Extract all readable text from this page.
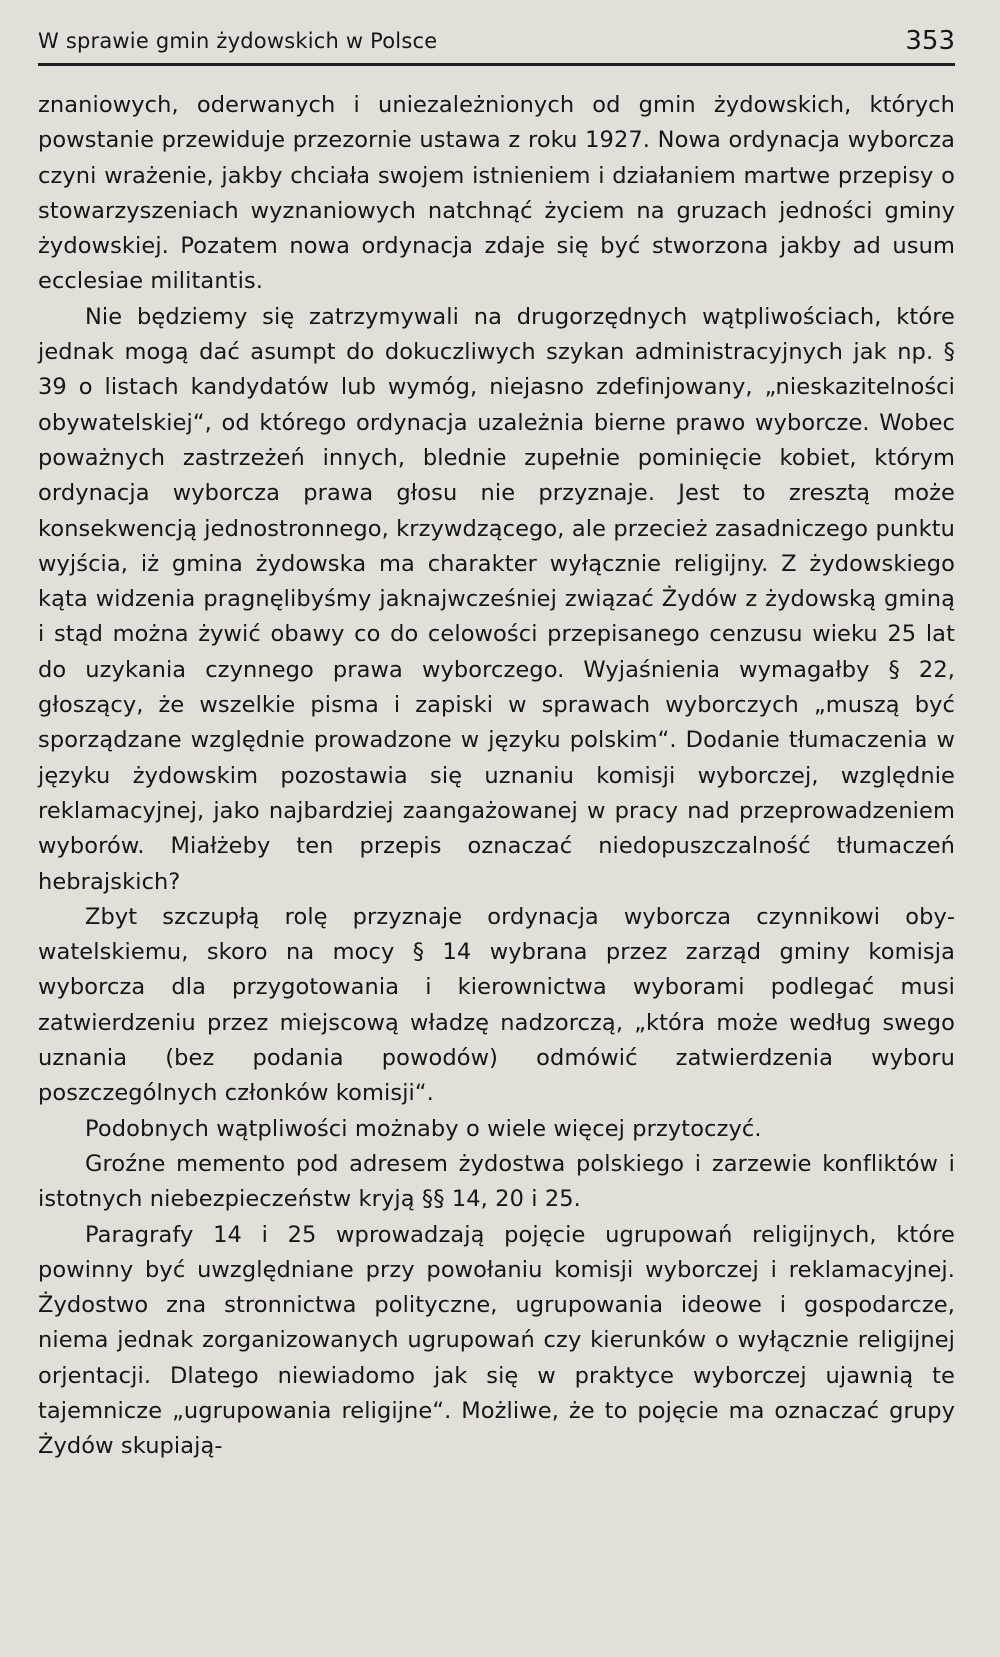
W sprawie gmin żydowskich w Polsce	353

znaniowych, oderwanych i uniezależnionych od gmin żydowskich, których powstanie przewiduje przezornie ustawa z roku 1927. Nowa ordynacja wyborcza czyni wrażenie, jakby chciała swojem istnieniem i działaniem martwe przepisy o stowarzyszeniach wyznaniowych natchnąć życiem na gruzach jedności gminy żydowskiej. Pozatem nowa ordynacja zdaje się być stworzona jakby ad usum ecclesiae militantis.

Nie będziemy się zatrzymywali na drugorzędnych wątpliwościach, które jednak mogą dać asumpt do dokuczliwych szykan administracyjnych jak np. § 39 o listach kandydatów lub wymóg, niejasno zdefinjowany, „nieskazitelności obywatelskiej“, od którego ordynacja uzależnia bierne prawo wyborcze. Wobec poważnych zastrzeżeń innych, blednie zupełnie pominięcie kobiet, którym ordynacja wyborcza prawa głosu nie przyznaje. Jest to zresztą może konsekwencją jednostronnego, krzywdzącego, ale przecież zasadniczego punktu wyjścia, iż gmina żydowska ma charakter wyłącznie religijny. Z żydowskiego kąta widzenia pragnęlibyśmy jaknajwcześniej związać Żydów z żydowską gminą i stąd można żywić obawy co do celowości przepisanego cenzusu wieku 25 lat do uzykania czynnego prawa wyborczego. Wyjaśnienia wymagałby § 22, głoszący, że wszelkie pisma i zapiski w sprawach wyborczych „muszą być sporządzane względnie prowadzone w języku polskim“. Dodanie tłumaczenia w języku żydowskim pozostawia się uznaniu komisji wyborczej, względnie reklamacyjnej, jako najbardziej zaangażowanej w pracy nad przeprowadzeniem wyborów. Miałżeby ten przepis oznaczać niedopuszczalność tłumaczeń hebrajskich?

Zbyt szczupłą rolę przyznaje ordynacja wyborcza czynnikowi obywatelskiemu, skoro na mocy § 14 wybrana przez zarząd gminy komisja wyborcza dla przygotowania i kierownictwa wyborami podlegać musi zatwierdzeniu przez miejscową władzę nadzorczą, „która może według swego uznania (bez podania powodów) odmówić zatwierdzenia wyboru poszczególnych członków komisji“.

Podobnych wątpliwości możnaby o wiele więcej przytoczyć.

Groźne memento pod adresem żydostwa polskiego i zarzewie konfliktów i istotnych niebezpieczeństw kryją §§ 14, 20 i 25.

Paragrafy 14 i 25 wprowadzają pojęcie ugrupowań religijnych, które powinny być uwzględniane przy powołaniu komisji wyborczej i reklamacyjnej. Żydostwo zna stronnictwa polityczne, ugrupowania ideowe i gospodarcze, niema jednak zorganizowanych ugrupowań czy kierunków o wyłącznie religijnej orjentacji. Dlatego niewiadomo jak się w praktyce wyborczej ujawnią te tajemnicze „ugrupowania religijne“. Możliwe, że to pojęcie ma oznaczać grupy Żydów skupiają-
